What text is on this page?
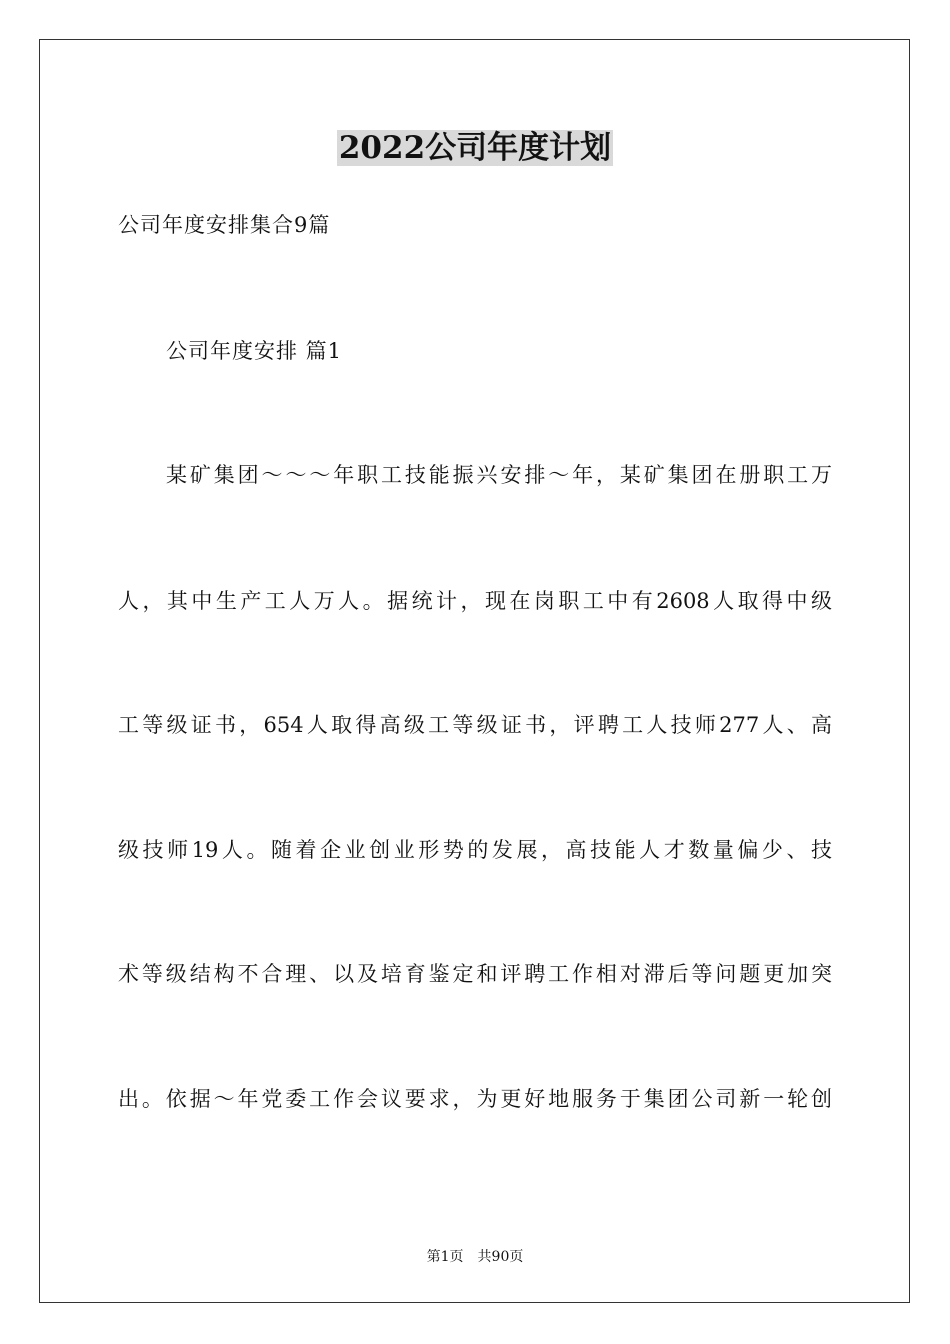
2022公司年度计划
公司年度安排集合9篇
公司年度安排 篇1
某矿集团～～～年职工技能振兴安排～年，某矿集团在册职工万
人，其中生产工人万人。据统计，现在岗职工中有2608人取得中级
工等级证书，654人取得高级工等级证书，评聘工人技师277人、高
级技师19人。随着企业创业形势的发展，高技能人才数量偏少、技
术等级结构不合理、以及培育鉴定和评聘工作相对滞后等问题更加突
出。依据～年党委工作会议要求，为更好地服务于集团公司新一轮创
第1页 共90页
